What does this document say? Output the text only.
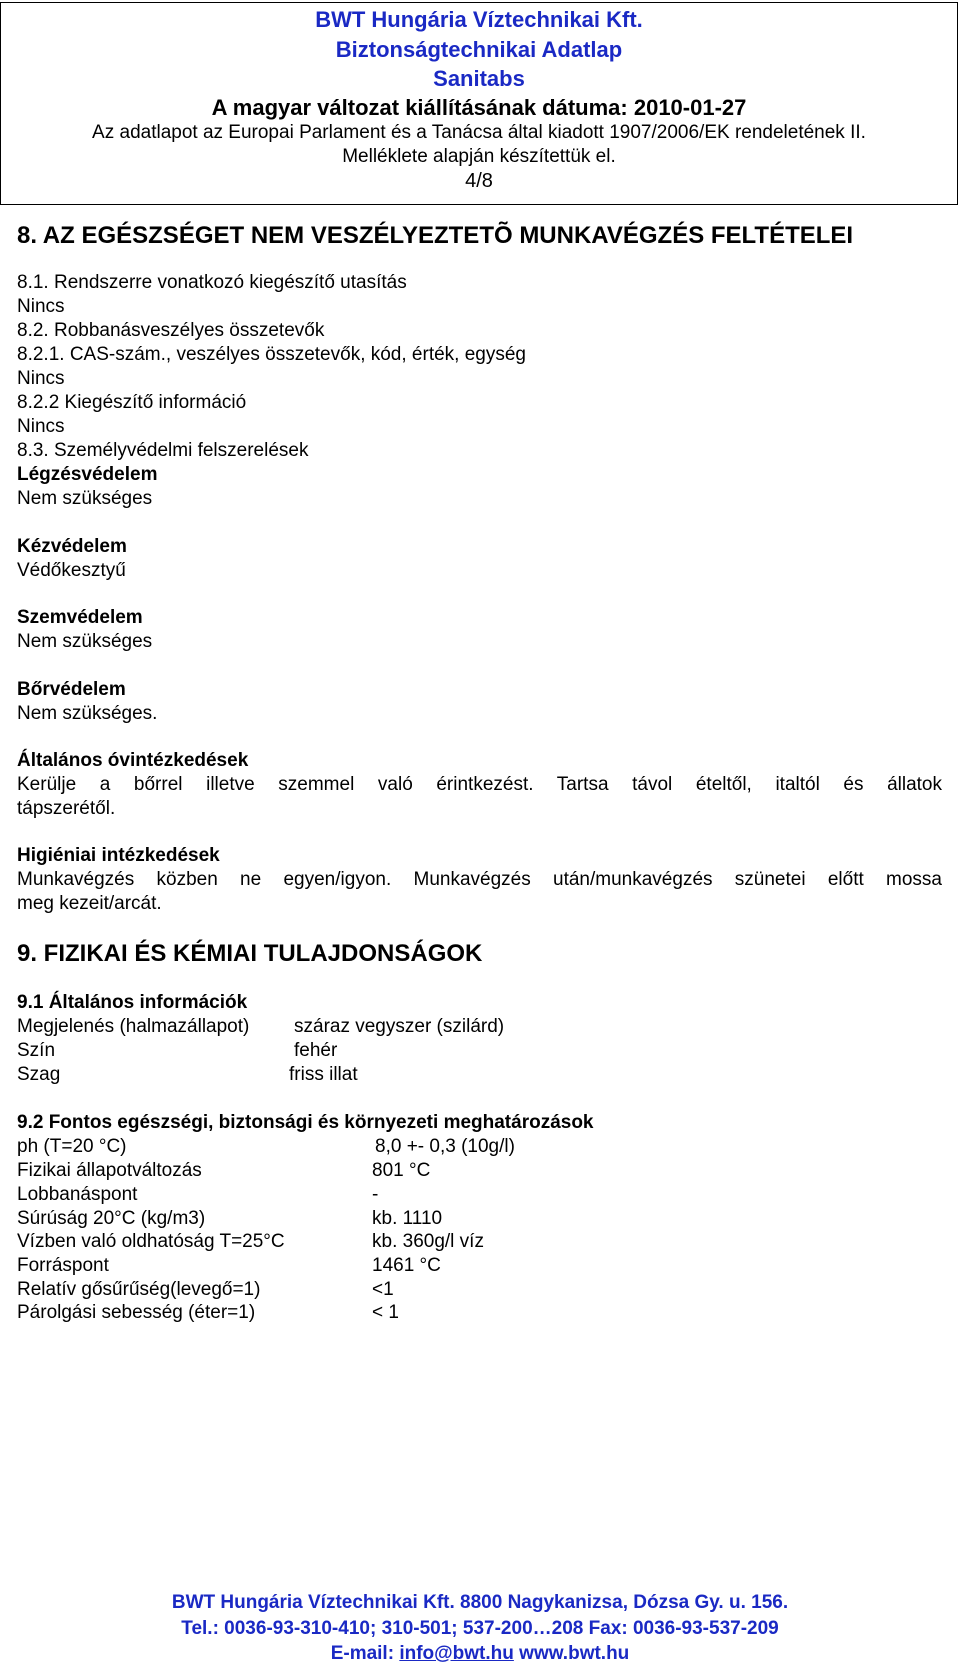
BWT Hungária Víztechnikai Kft.
Biztonságtechnikai Adatlap
Sanitabs
A magyar változat kiállításának dátuma: 2010-01-27
Az adatlapot az Europai Parlament és a Tanácsa által kiadott 1907/2006/EK rendeletének II.
Melléklete alapján készítettük el.
4/8
8. AZ EGÉSZSÉGET NEM VESZÉLYEZTETÕ MUNKAVÉGZÉS FELTÉTELEI
8.1. Rendszerre vonatkozó kiegészítő utasítás
Nincs
8.2. Robbanásveszélyes összetevők
8.2.1. CAS-szám., veszélyes összetevők, kód, érték, egység
Nincs
8.2.2 Kiegészítő információ
Nincs
8.3. Személyvédelmi felszerelések
Légzésvédelem
Nem szükséges
Kézvédelem
Védőkesztyű
Szemvédelem
Nem szükséges
Bőrvédelem
Nem szükséges.
Általános óvintézkedések
Kerülje a bőrrel illetve szemmel való érintkezést. Tartsa távol ételtől, italtól és állatok
tápszerétől.
Higiéniai intézkedések
Munkavégzés közben ne egyen/igyon. Munkavégzés után/munkavégzés szünetei előtt mossa
meg kezeit/arcát.
9. FIZIKAI ÉS KÉMIAI TULAJDONSÁGOK
9.1 Általános információk
Megjelenés (halmazállapot) száraz vegyszer (szilárd)
Szín	fehér
Szag	friss illat
9.2 Fontos egészségi, biztonsági és környezeti meghatározások
ph (T=20 °C)	8,0 +- 0,3 (10g/l)
Fizikai állapotváltozás	801 °C
Lobbanáspont	-
Súrúság 20°C (kg/m3)	kb. 1110
Vízben való oldhatóság T=25°C	kb. 360g/l víz
Forráspont	1461 °C
Relatív gősűrűség(levegő=1)	<1
Párolgási sebesség (éter=1)	< 1
BWT Hungária Víztechnikai Kft. 8800 Nagykanizsa, Dózsa Gy. u. 156.
Tel.: 0036-93-310-410; 310-501; 537-200…208 Fax: 0036-93-537-209
E-mail: info@bwt.hu www.bwt.hu
